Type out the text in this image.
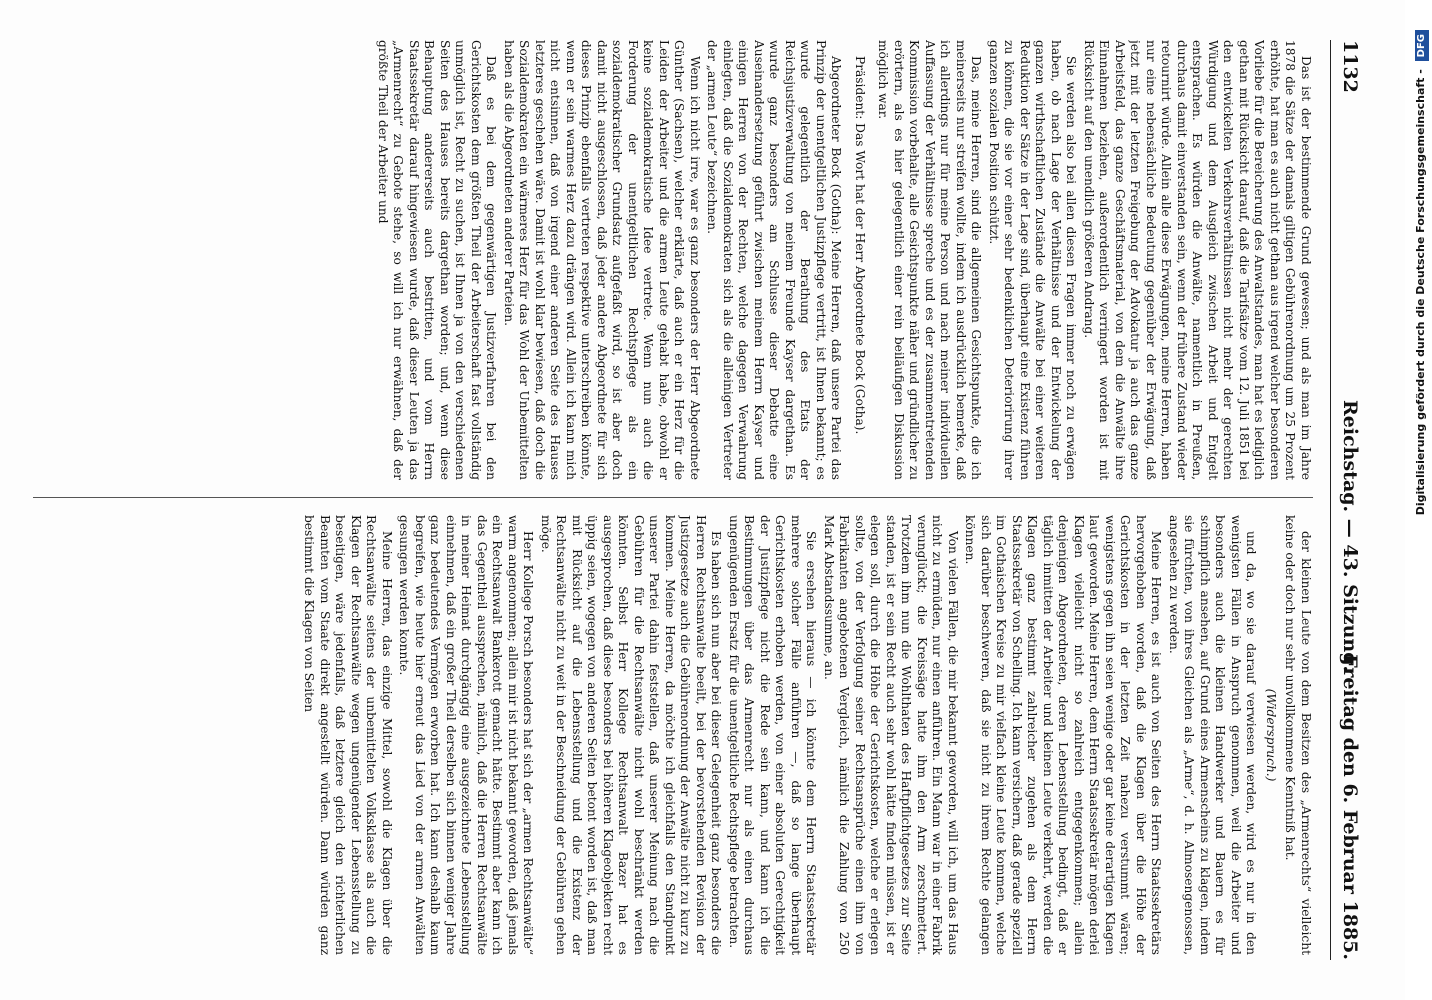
1132
Reichstag. — 43. Sitzung.
Freitag den 6. Februar 1885.

Das ist der bestimmende Grund gewesen; und als man im Jahre 1878 die Sätze der damals giltigen Gebührenordnung um 25 Prozent erhöhte, hat man es auch nicht gethan aus irgend welcher besonderen Vorliebe für die Bereicherung des Anwaltstandes, man hat es lediglich gethan mit Rücksicht darauf, daß die Tarifsätze vom 12. Juli 1851 bei den entwickelten Verkehrsverhältnissen nicht mehr der gerechten Würdigung und dem Ausgleich zwischen Arbeit und Entgelt entsprachen. Es würden die Anwälte, namentlich in Preußen, durchaus damit einverstanden sein, wenn der frühere Zustand wieder retournirt würde. Allein alle diese Erwägungen, meine Herren, haben nur eine nebensächliche Bedeutung gegenüber der Erwägung, daß jetzt mit der letzten Freigebung der Advokatur ja auch das ganze Arbeitsfeld, das ganze Geschäftsmaterial, von dem die Anwälte ihre Einnahmen beziehen, außerordentlich verringert worden ist mit Rücksicht auf den unendlich größeren Andrang.

Sie werden also bei allen diesen Fragen immer noch zu erwägen haben, ob nach Lage der Verhältnisse und der Entwickelung der ganzen wirthschaftlichen Zustände die Anwälte bei einer weiteren Reduktion der Sätze in der Lage sind, überhaupt eine Existenz führen zu können, die sie vor einer sehr bedenklichen Deteriorirung ihrer ganzen sozialen Position schützt.

Das, meine Herren, sind die allgemeinen Gesichtspunkte, die ich meinerseits nur streifen wollte, indem ich ausdrücklich bemerke, daß ich allerdings nur für meine Person und nach meiner individuellen Auffassung der Verhältnisse spreche und es der zusammentretenden Kommission vorbehalte, alle Gesichtspunkte näher und gründlicher zu erörtern, als es hier gelegentlich einer rein beiläufigen Diskussion möglich war.

Präsident: Das Wort hat der Herr Abgeordnete Bock (Gotha).

Abgeordneter Bock (Gotha): Meine Herren, daß unsere Partei das Prinzip der unentgeltlichen Justizpflege vertritt, ist Ihnen bekannt; es wurde gelegentlich der Berathung des Etats der Reichsjustizverwaltung von meinem Freunde Kayser dargethan. Es wurde ganz besonders am Schlusse dieser Debatte eine Auseinandersetzung geführt zwischen meinem Herrn Kayser und einigen Herren von der Rechten, welche dagegen Verwahrung einlegten, daß die Sozialdemokraten sich als die alleinigen Vertreter der „armen Leute“ bezeichnen.

Wenn ich nicht irre, war es ganz besonders der Herr Abgeordnete Günther (Sachsen), welcher erklärte, daß auch er ein Herz für die Leiden der Arbeiter und die armen Leute gehabt habe, obwohl er keine sozialdemokratische Idee vertrete. Wenn nun auch die Forderung der unentgeltlichen Rechtspflege als ein sozialdemokratischer Grundsatz aufgefaßt wird, so ist aber doch damit nicht ausgeschlossen, daß jeder andere Abgeordnete für sich dieses Prinzip ebenfalls vertreten respektive unterschreiben könnte, wenn er sein warmes Herz dazu drängen wird. Allein ich kann mich nicht entsinnen, daß von irgend einer anderen Seite des Hauses letzteres geschehen wäre. Damit ist wohl klar bewiesen, daß doch die Sozialdemokraten ein wärmeres Herz für das Wohl der Unbemittelten haben als die Abgeordneten anderer Parteien.

Daß es bei dem gegenwärtigen Justizverfahren bei den Gerichtskosten dem größten Theil der Arbeiterschaft fast vollständig unmöglich ist, Recht zu suchen, ist Ihnen ja von den verschiedenen Seiten des Hauses bereits dargethan worden; und, wenn diese Behauptung andererseits auch bestritten, und vom Herrn Staatssekretär darauf hingewiesen wurde, daß dieser Leuten ja das „Armenrecht“ zu Gebote stehe, so will ich nur erwähnen, daß der größte Theil der Arbeiter und

der kleinen Leute von dem Besitzen des „Armenrechts“ vielleicht keine oder doch nur sehr unvollkommene Kenntniß hat.

(Widerspruch.)

und da, wo sie darauf verwiesen werden, wird es nur in den wenigsten Fällen in Anspruch genommen, weil die Arbeiter und besonders auch die kleinen Handwerker und Bauern es für schimpflich ansehen, auf Grund eines Armenscheins zu klagen, indem sie fürchten, von ihres Gleichen als „Arme“, d. h. Almosengenossen, angesehen zu werden.

Meine Herren, es ist auch von Seiten des Herrn Staatssekretärs hervorgehoben worden, daß die Klagen über die Höhe der Gerichtskosten in der letzten Zeit nahezu verstummt wären; wenigstens gegen ihn seien wenige oder gar keine derartigen Klagen laut geworden. Meine Herren, dem Herrn Staatssekretär mögen derlei Klagen vielleicht nicht so zahlreich entgegenkommen; allein denjenigen Abgeordneten, deren Lebensstellung bedingt, daß er täglich inmitten der Arbeiter und kleinen Leute verkehrt, werden die Klagen ganz bestimmt zahlreicher zugehen als dem Herrn Staatssekretär von Schelling. Ich kann versichern, daß gerade speziell im Gothaischen Kreise zu mir vielfach kleine Leute kommen, welche sich darüber beschweren, daß sie nicht zu ihrem Rechte gelangen können.

Von vielen Fällen, die mir bekannt geworden, will ich, um das Haus nicht zu ermüden, nur einen anführen. Ein Mann war in einer Fabrik verunglückt; die Kreissäge hatte ihm den Arm zerschmettert. Trotzdem ihm nun die Wohlthaten des Haftpflichtgesetzes zur Seite standen, ist er sein Recht auch sehr wohl hätte finden müssen, ist er elegen soll, durch die Höhe der Gerichtskosten, welche er erlegen sollte, von der Verfolgung seiner Rechtsansprüche einen ihm von Fabrikanten angebotenen Vergleich, nämlich die Zahlung von 250 Mark Abstandssumme, an.

Sie ersehen hieraus — ich könnte dem Herrn Staatssekretär mehrere solcher Fälle anführen —, daß so lange überhaupt Gerichtskosten erhoben werden, von einer absoluten Gerechtigkeit der Justizpflege nicht die Rede sein kann, und kann ich die Bestimmungen über das Armenrecht nur als einen durchaus ungenügenden Ersatz für die unentgeltliche Rechtspflege betrachten.

Es haben sich nun aber bei dieser Gelegenheit ganz besonders die Herren Rechtsanwalte beeilt, bei der bevorstehenden Revision der Justizgesetze auch die Gebührenordnung der Anwälte nicht zu kurz zu kommen. Meine Herren, da möchte ich gleichfalls den Standpunkt unserer Partei dahin feststellen, daß unserer Meinung nach die Gebühren für die Rechtsanwälte nicht wohl beschränkt werden könnten. Selbst Herr Kollege Rechtsanwalt Bazer hat es ausgesprochen, daß diese besonders bei höheren Klageobjekten recht üppig seien, wogegen von anderen Seiten betont worden ist, daß man mit Rücksicht auf die Lebensstellung und die Existenz der Rechtsanwälte nicht zu weit in der Beschneidung der Gebühren gehen möge.

Herr Kollege Porsch besonders hat sich der „armen Rechtsanwälte“ warm angenommen; allein mir ist nicht bekannt geworden, daß jemals ein Rechtsanwalt Bankerott gemacht hätte. Bestimmt aber kann ich das Gegentheil aussprechen, nämlich, daß die Herren Rechtsanwälte in meiner Heimat durchgängig eine ausgezeichnete Lebensstellung einnehmen, daß ein großer Theil derselben sich binnen weniger Jahre ganz bedeutendes Vermögen erworben hat. Ich kann deshalb kaum begreifen, wie heute hier erneut das Lied von der armen Anwälten gesungen werden konnte.

Meine Herren, das einzige Mittel, sowohl die Klagen über die Rechtsanwälte seitens der unbemittelten Volksklasse als auch die Klagen der Rechtsanwälte wegen ungenügender Lebensstellung zu beseitigen, wäre jedenfalls, daß letztere gleich den richterlichen Beamten vom Staate direkt angestellt würden. Dann würden ganz bestimmt die Klagen von Seiten

Digitalisierung gefördert durch die Deutsche Forschungsgemeinschaft - DFG
